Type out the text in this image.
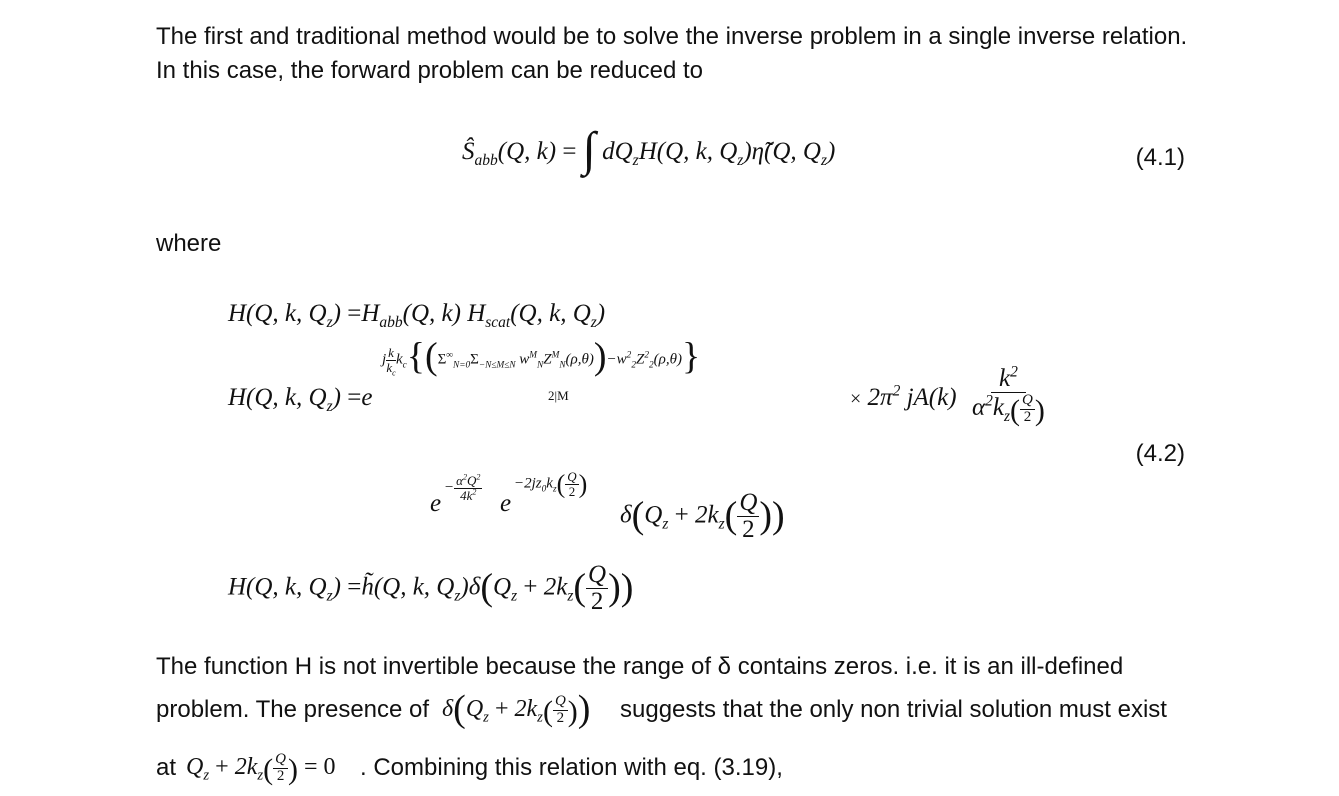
The first and traditional method would be to solve the inverse problem in a single inverse relation.
In this case, the forward problem can be reduced to
$Ŝ_{abb}(Q$, k) = ∫ $dQ_zH(Q$, k, $Q_z)\etã̃(Q$, $Q_z$)	(4.1)
where
H(Q, k, $Q_z) =H_{abb}(Q$, k) $H_{scat}(Q$, k, $Q_z$)
H(Q, k, $Q_z) =e$
j $\frac{k}{k_c} k_c\{(\Sigma^\infty_{N=0}\Sigma_{-N\le M\le N}$ $w^M_NZ^M_N(\rho,\theta))-w^2_2Z^2_2(\rho,\theta)$}
2|M	× $2\pi^2$ $jA(k) \frac{k^2}{\alpha^2k_z( \frac{Q}{2} )}$
(4.2)
e
− $\frac{\alpha^2Q^2}{4k^2}$
e
$-2jz_0k_z( \frac{Q}{2}$ )
$\delta(Q_z + 2k_z( \frac{Q}{2}$ ))
H(Q, k, $Q_z$) =h̃(Q, k, $Q_z)\delta(Q_z + 2k_z( \frac{Q}{2}$ ))
The function H is not invertible because the range of δ contains zeros. i.e. it is an ill-defined
problem. The presence of $\delta(Q_z + 2k_z( \frac{Q}{2}$ )) suggests that the only non trivial solution must exist
at $Q_z + 2k_z( \frac{Q}{2}$ ) = 0 . Combining this relation with eq. (3.19),
